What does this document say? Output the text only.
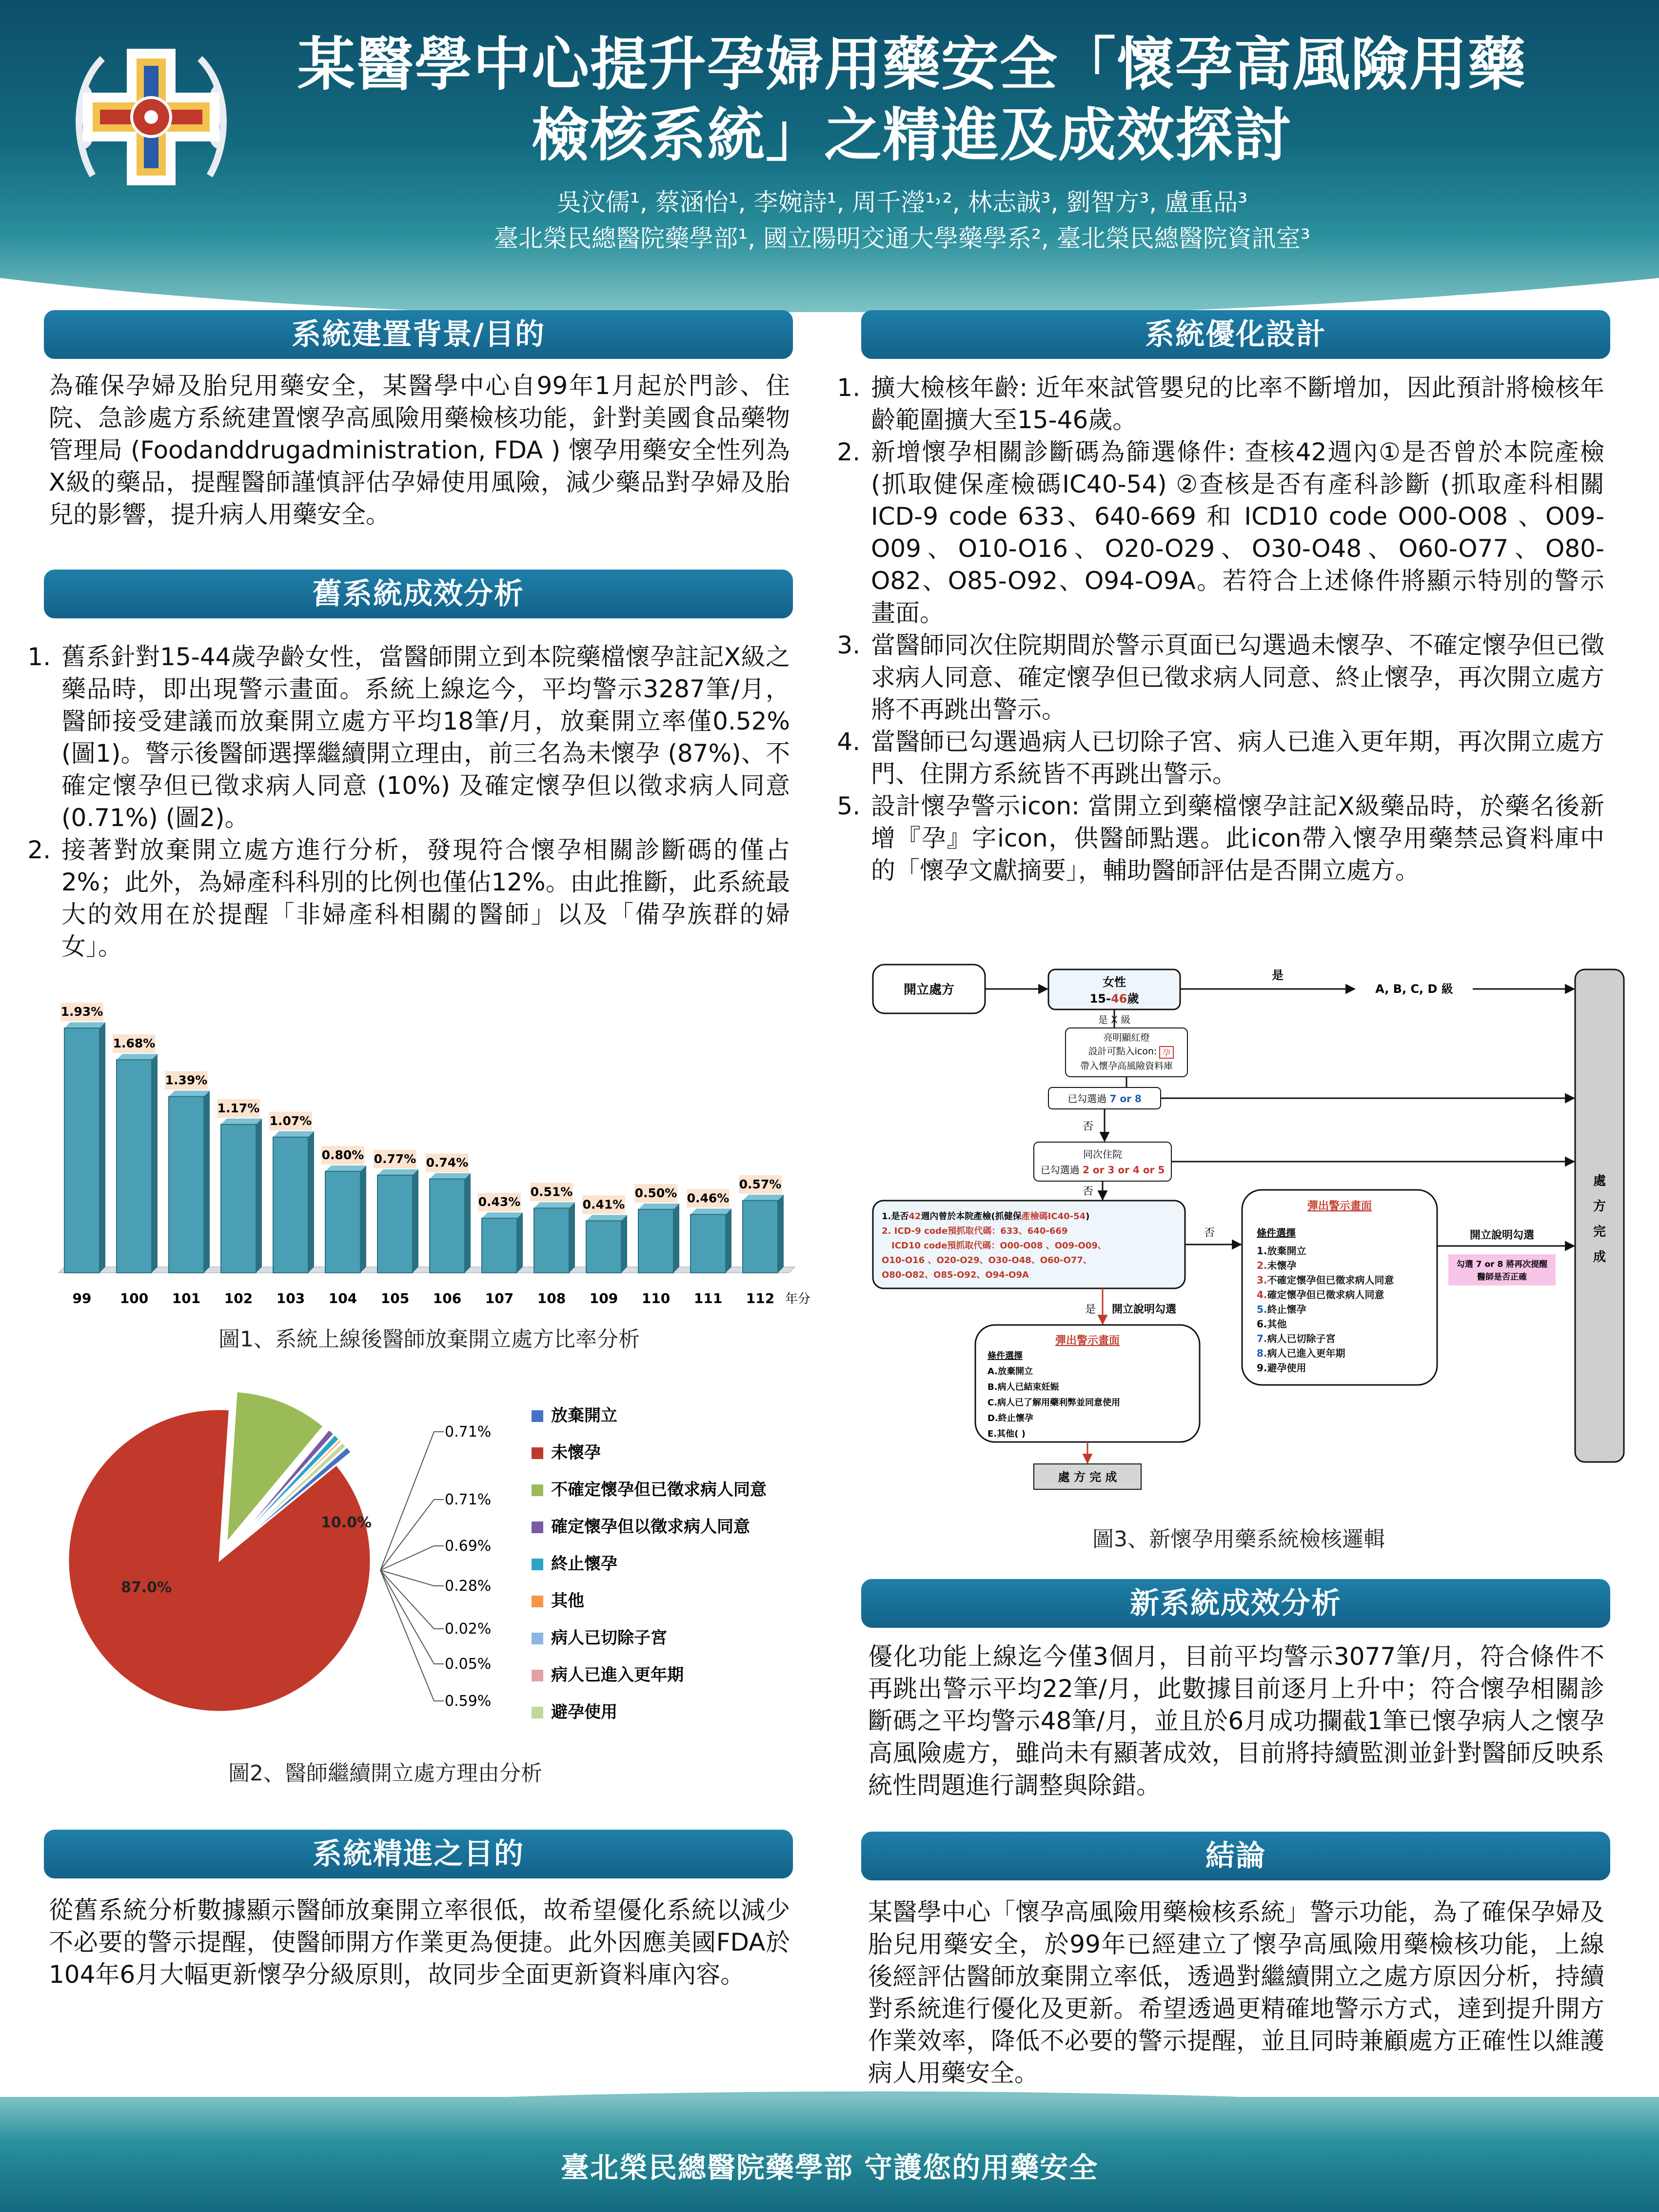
某醫學中心提升孕婦用藥安全「懷孕高風險用藥
檢核系統」之精進及成效探討
吳汶儒¹, 蔡涵怡¹, 李婉詩¹, 周千瀅¹˒², 林志誠³, 劉智方³, 盧重品³
臺北榮民總醫院藥學部¹, 國立陽明交通大學藥學系², 臺北榮民總醫院資訊室³
系統建置背景/目的
為確保孕婦及胎兒用藥安全，某醫學中心自99年1月起於門診、住院、急診處方系統建置懷孕高風險用藥檢核功能，針對美國食品藥物管理局 (Foodanddrugadministration, FDA ) 懷孕用藥安全性列為X級的藥品，提醒醫師謹慎評估孕婦使用風險，減少藥品對孕婦及胎兒的影響，提升病人用藥安全。
舊系統成效分析
1. 舊系針對15-44歲孕齡女性，當醫師開立到本院藥檔懷孕註記X級之藥品時，即出現警示畫面。系統上線迄今，平均警示3287筆/月，醫師接受建議而放棄開立處方平均18筆/月，放棄開立率僅0.52% (圖1)。警示後醫師選擇繼續開立理由，前三名為未懷孕 (87%)、不確定懷孕但已徵求病人同意 (10%) 及確定懷孕但以徵求病人同意 (0.71%) (圖2)。
2. 接著對放棄開立處方進行分析，發現符合懷孕相關診斷碼的僅占2%；此外，為婦產科科別的比例也僅佔12%。由此推斷，此系統最大的效用在於提醒「非婦產科相關的醫師」以及「備孕族群的婦女」。
1.93%
99
1.68%
100
1.39%
101
1.17%
102
1.07%
103
0.80%
104
0.77%
105
0.74%
106
0.43%
107
0.51%
108
0.41%
109
0.50%
110
0.46%
111
0.57%
112 年分
圖1、系統上線後醫師放棄開立處方比率分析
87.0%
10.0%
0.71%
0.71%
0.69%
0.28%
0.02%
0.05%
0.59%
放棄開立
未懷孕
不確定懷孕但已徵求病人同意
確定懷孕但以徵求病人同意
終止懷孕
其他
病人已切除子宮
病人已進入更年期
避孕使用
圖2、醫師繼續開立處方理由分析
系統精進之目的
從舊系統分析數據顯示醫師放棄開立率很低，故希望優化系統以減少不必要的警示提醒，使醫師開方作業更為便捷。此外因應美國FDA於104年6月大幅更新懷孕分級原則，故同步全面更新資料庫內容。
系統優化設計
1. 擴大檢核年齡: 近年來試管嬰兒的比率不斷增加，因此預計將檢核年齡範圍擴大至15-46歲。
2. 新增懷孕相關診斷碼為篩選條件: 查核42週內①是否曾於本院產檢 (抓取健保產檢碼IC40-54) ②查核是否有產科診斷 (抓取產科相關 ICD-9 code 633、640-669 和 ICD10 code O00-O08 、O09-O09、O10-O16、O20-O29、O30-O48、O60-O77、O80-O82、O85-O92、O94-O9A。若符合上述條件將顯示特別的警示畫面。
3. 當醫師同次住院期間於警示頁面已勾選過未懷孕、不確定懷孕但已徵求病人同意、確定懷孕但已徵求病人同意、終止懷孕，再次開立處方將不再跳出警示。
4. 當醫師已勾選過病人已切除子宮、病人已進入更年期，再次開立處方 門、住開方系統皆不再跳出警示。
5. 設計懷孕警示icon: 當開立到藥檔懷孕註記X級藥品時，於藥名後新增『孕』字icon，供醫師點選。此icon帶入懷孕用藥禁忌資料庫中的「懷孕文獻摘要」，輔助醫師評估是否開立處方。
開立處方
女性
15-46歲
是
A, B, C, D 級
是 X 級
亮明顯紅燈
設計可點入icon: 孕
帶入懷孕高風險資料庫
已勾選過 7 or 8
否
同次住院
已勾選過 2 or 3 or 4 or 5
否
1.是否42週內曾於本院產檢(抓健保產檢碼IC40-54)
2. ICD-9 code預抓取代碼：633、640-669
ICD10 code預抓取代碼：O00-O08 、O09-O09、
O10-O16 、O20-O29、O30-O48、O60-O77、
O80-O82、O85-O92、O94-O9A
否
是 開立說明勾選
彈出警示畫面
條件選擇
1.放棄開立
2.未懷孕
3.不確定懷孕但已徵求病人同意
4.確定懷孕但已徵求病人同意
5.終止懷孕
6.其他
7.病人已切除子宮
8.病人已進入更年期
9.避孕使用
開立說明勾選
勾選 7 or 8 將再次提醒
醫師是否正確
彈出警示畫面
條件選擇
A.放棄開立
B.病人已結束妊娠
C.病人已了解用藥利弊並同意使用
D.終止懷孕
E.其他( )
處 方 完 成
處
方
完
成
圖3、新懷孕用藥系統檢核邏輯
新系統成效分析
優化功能上線迄今僅3個月，目前平均警示3077筆/月，符合條件不再跳出警示平均22筆/月，此數據目前逐月上升中；符合懷孕相關診斷碼之平均警示48筆/月，並且於6月成功攔截1筆已懷孕病人之懷孕高風險處方，雖尚未有顯著成效，目前將持續監測並針對醫師反映系統性問題進行調整與除錯。
結論
某醫學中心「懷孕高風險用藥檢核系統」警示功能，為了確保孕婦及胎兒用藥安全，於99年已經建立了懷孕高風險用藥檢核功能，上線後經評估醫師放棄開立率低，透過對繼續開立之處方原因分析，持續對系統進行優化及更新。希望透過更精確地警示方式，達到提升開方作業效率，降低不必要的警示提醒，並且同時兼顧處方正確性以維護病人用藥安全。
臺北榮民總醫院藥學部 守護您的用藥安全
